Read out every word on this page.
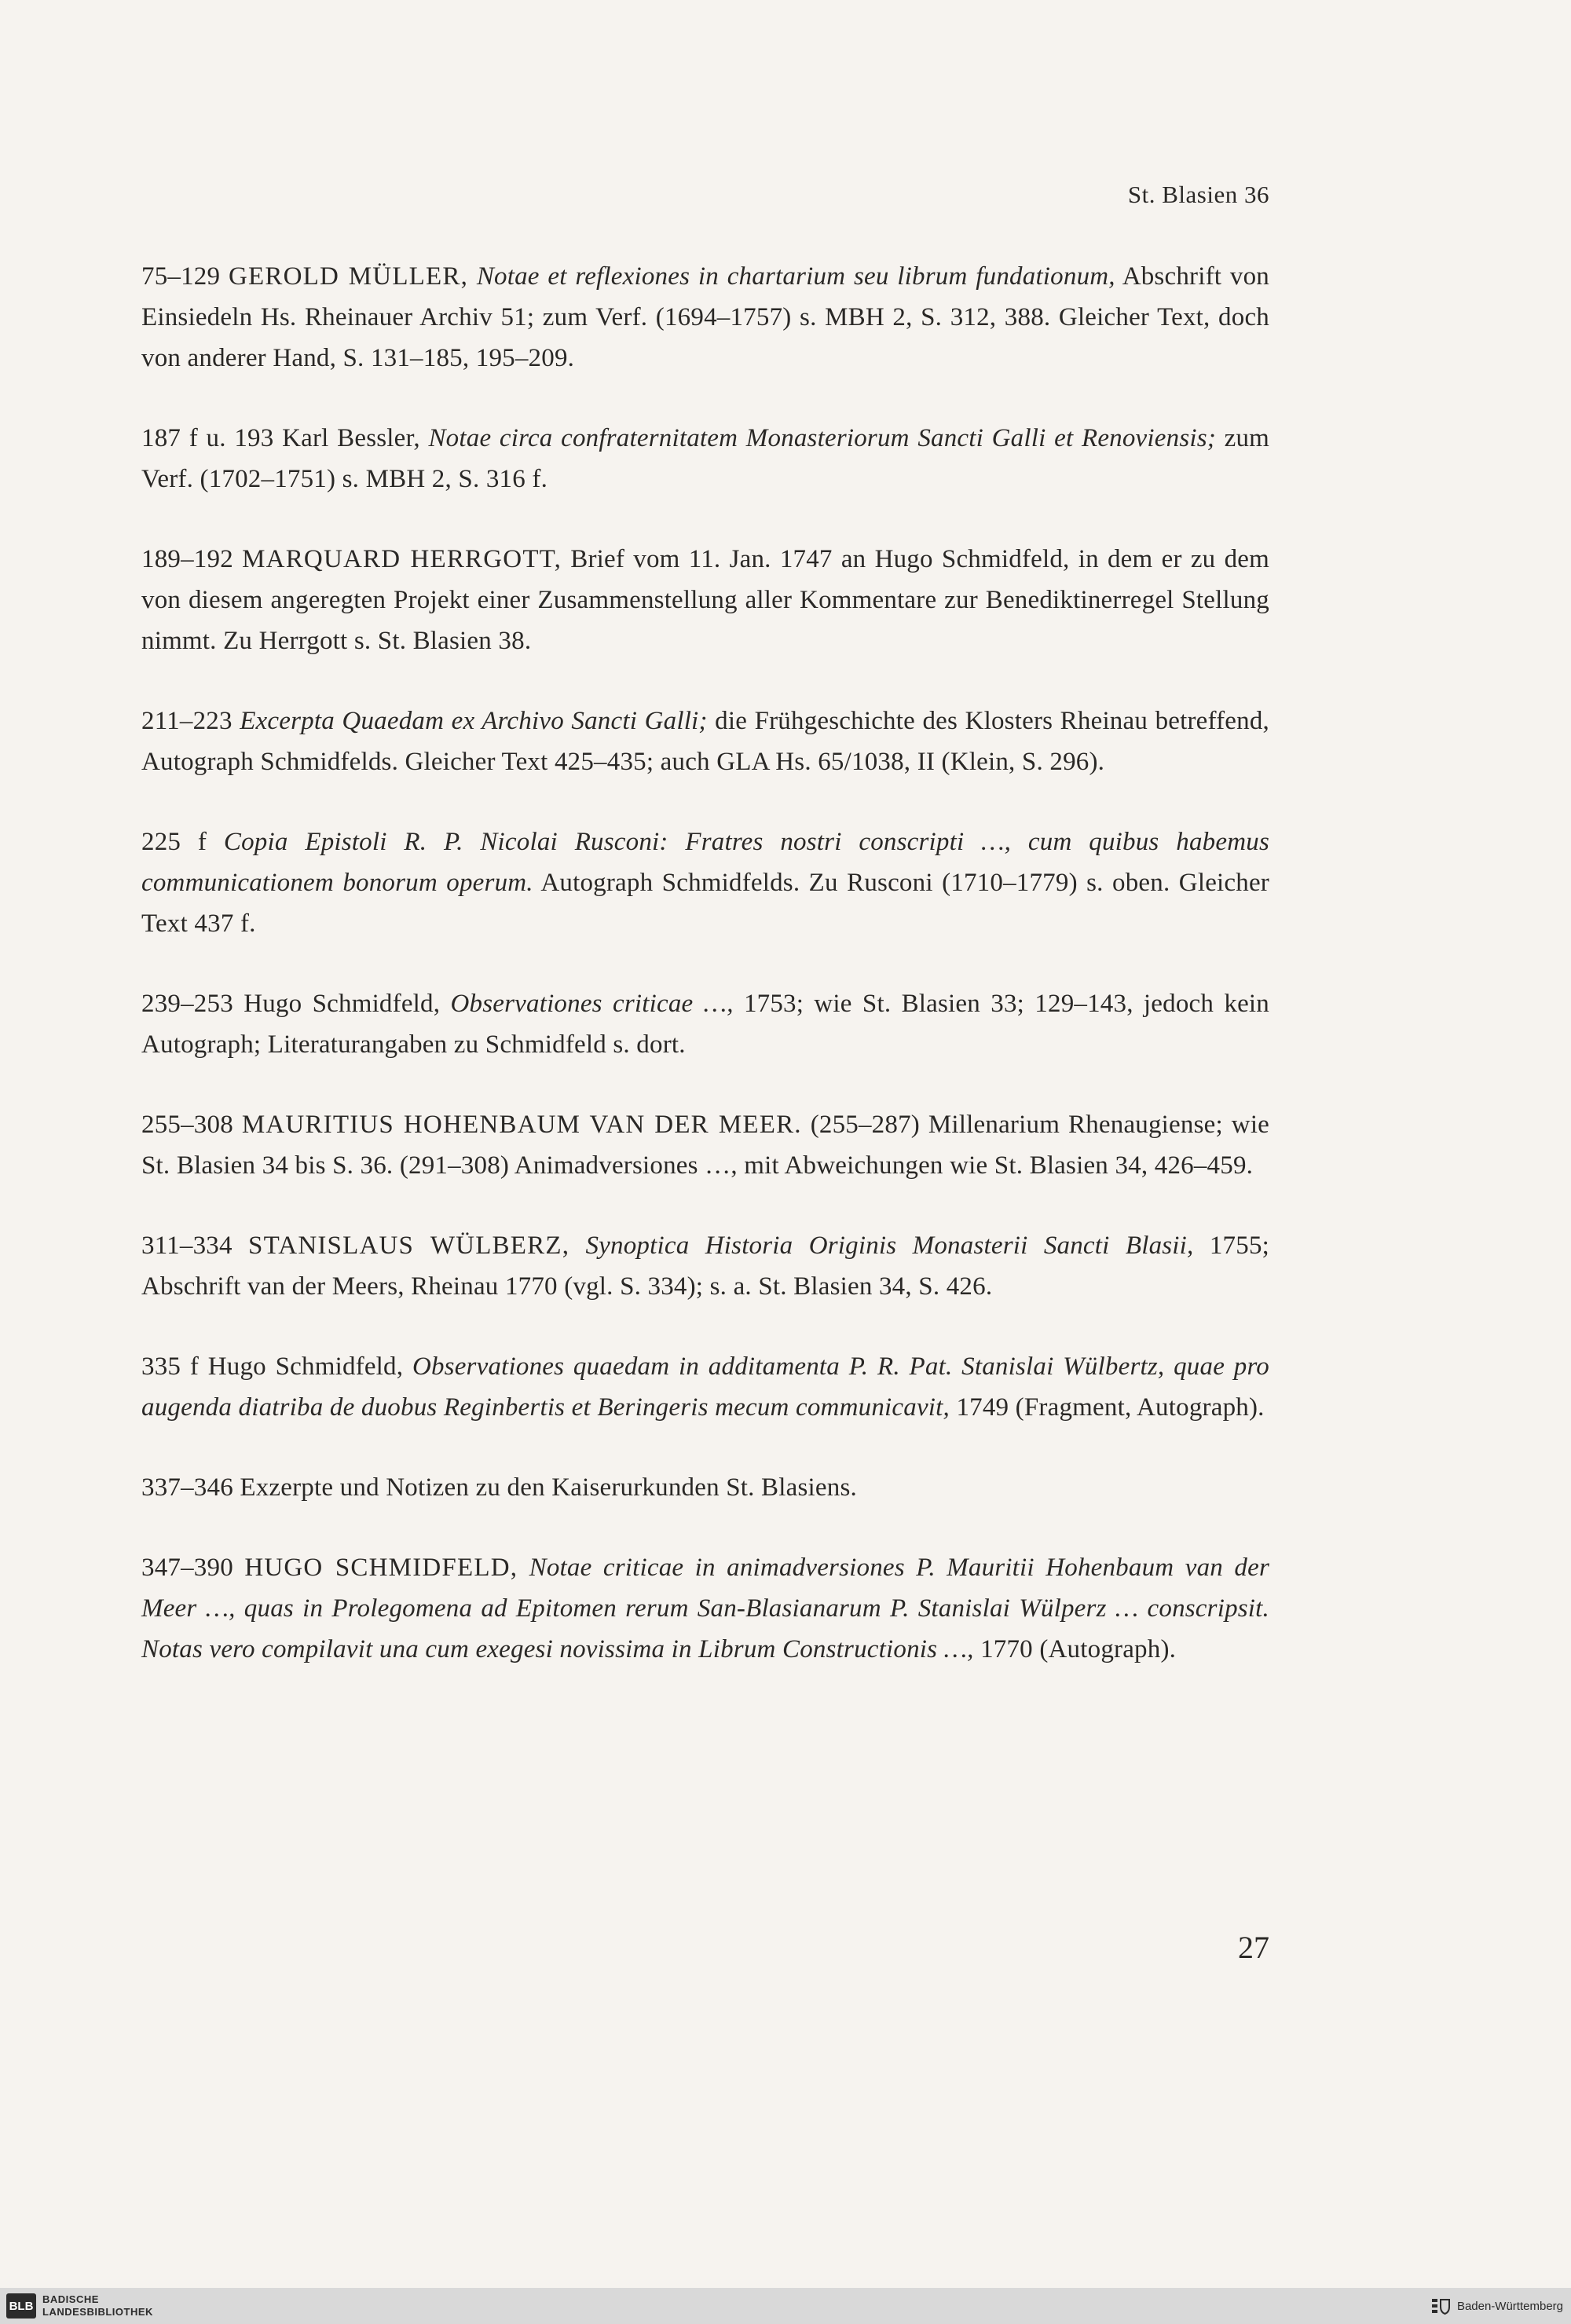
St. Blasien 36

75–129 GEROLD MÜLLER, Notae et reflexiones in chartarium seu librum fundationum, Abschrift von Einsiedeln Hs. Rheinauer Archiv 51; zum Verf. (1694–1757) s. MBH 2, S. 312, 388. Gleicher Text, doch von anderer Hand, S. 131–185, 195–209.

187 f u. 193 Karl Bessler, Notae circa confraternitatem Monasteriorum Sancti Galli et Renoviensis; zum Verf. (1702–1751) s. MBH 2, S. 316 f.

189–192 MARQUARD HERRGOTT, Brief vom 11. Jan. 1747 an Hugo Schmidfeld, in dem er zu dem von diesem angeregten Projekt einer Zusammenstellung aller Kommentare zur Benediktinerregel Stellung nimmt. Zu Herrgott s. St. Blasien 38.

211–223 Excerpta Quaedam ex Archivo Sancti Galli; die Frühgeschichte des Klosters Rheinau betreffend, Autograph Schmidfelds. Gleicher Text 425–435; auch GLA Hs. 65/1038, II (Klein, S. 296).

225 f Copia Epistoli R. P. Nicolai Rusconi: Fratres nostri conscripti …, cum quibus habemus communicationem bonorum operum. Autograph Schmidfelds. Zu Rusconi (1710–1779) s. oben. Gleicher Text 437 f.

239–253 Hugo Schmidfeld, Observationes criticae …, 1753; wie St. Blasien 33; 129–143, jedoch kein Autograph; Literaturangaben zu Schmidfeld s. dort.

255–308 MAURITIUS HOHENBAUM VAN DER MEER. (255–287) Millenarium Rhenaugiense; wie St. Blasien 34 bis S. 36. (291–308) Animadversiones …, mit Abweichungen wie St. Blasien 34, 426–459.

311–334 STANISLAUS WÜLBERZ, Synoptica Historia Originis Monasterii Sancti Blasii, 1755; Abschrift van der Meers, Rheinau 1770 (vgl. S. 334); s. a. St. Blasien 34, S. 426.

335 f Hugo Schmidfeld, Observationes quaedam in additamenta P. R. Pat. Stanislai Wülbertz, quae pro augenda diatriba de duobus Reginbertis et Beringeris mecum communicavit, 1749 (Fragment, Autograph).

337–346 Exzerpte und Notizen zu den Kaiserurkunden St. Blasiens.

347–390 HUGO SCHMIDFELD, Notae criticae in animadversiones P. Mauritii Hohenbaum van der Meer …, quas in Prolegomena ad Epitomen rerum San-Blasianarum P. Stanislai Wülperz … conscripsit. Notas vero compilavit una cum exegesi novissima in Librum Constructionis …, 1770 (Autograph).

27
BLB BADISCHE
LANDESBIBLIOTHEK	Baden-Württemberg
